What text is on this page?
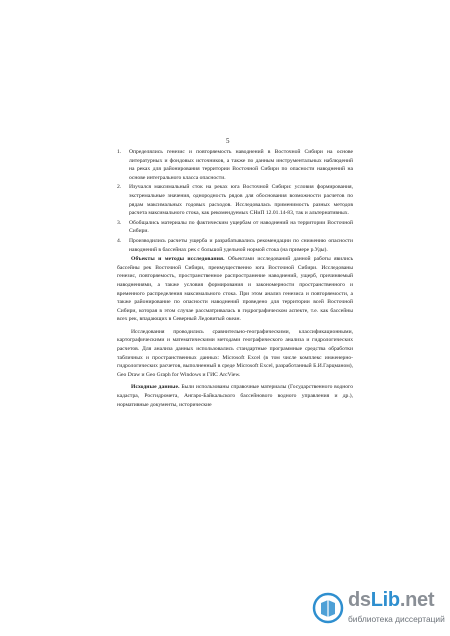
5
1. Определялись генезис и повторяемость наводнений в Восточной Сибири на основе литературных и фондовых источников, а также по данным инструментальных наблюдений на реках для районирования территории Восточной Сибири по опасности наводнений на основе интегрального класса опасности.
2. Изучался максимальный сток на реках юга Восточной Сибири: условия формирования, экстремальные значения, однородность рядов для обоснования возможности расчетов по рядам максимальных годовых расходов. Исследовалась применимость разных методов расчета максимального стока, как рекомендуемых СНиП 12.01.14-83, так и альтернативных.
3. Обобщались материалы по фактическим ущербам от наводнений на территории Восточной Сибири.
4. Производились расчеты ущерба и разрабатывались рекомендации по снижению опасности наводнений в бассейнах рек с большой удельной нормой стока (на примере р.Уды).

Объекты и методы исследования. Объектами исследований данной работы явились бассейны рек Восточной Сибири, преимущественно юга Восточной Сибири. Исследованы генезис, повторяемость, пространственное распространение наводнений, ущерб, причиняемый наводнениями, а также условия формирования и закономерности пространственного и временного распределения максимального стока. При этом анализ генезиса и повторяемости, а также районирование по опасности наводнений проведено для территории всей Восточной Сибири, которая в этом случае рассматривалась в гидрографическом аспекте, т.е. как бассейны всех рек, впадающих в Северный Ледовитый океан.

Исследования проводились сравнительно-географическими, классификационными, картографическими и математическими методами географического анализа и гидрологических расчетов. Для анализа данных использовались стандартные программные средства обработки табличных и пространственных данных: Microsoft Excel (в том числе комплекс инженерно-гидрологических расчетов, выполненный в среде Microsoft Excel, разработанный Б.И.Гарцманом), Geo Draw и Geo Graph for Windows и ГИС ArcView.

Исходные данные. Были использованы справочные материалы (Государственного водного кадастра, Росгидромета, Ангаро-Байкальского бассейнового водного управления и др.), нормативные документы, исторические

dsLib.net
библиотека диссертаций
